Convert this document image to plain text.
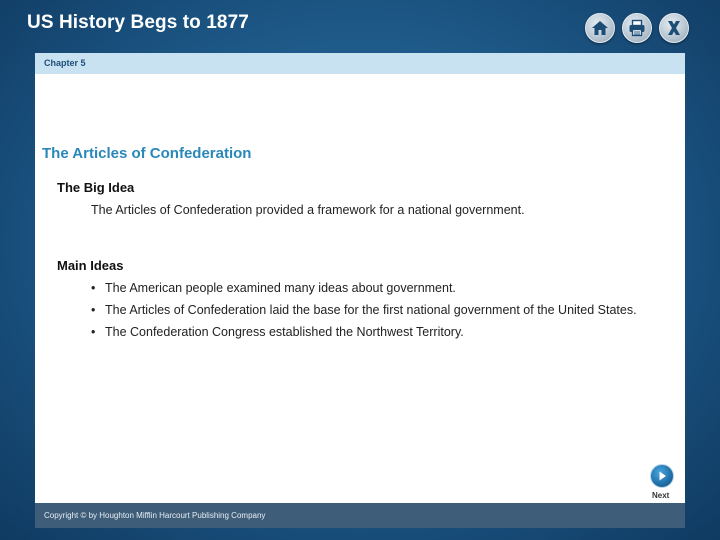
US History Begs to 1877
Chapter 5
The Articles of Confederation
The Big Idea
The Articles of Confederation provided a framework for a national government.
Main Ideas
• The American people examined many ideas about government.
• The Articles of Confederation laid the base for the first national government of the United States.
• The Confederation Congress established the Northwest Territory.
Next
Copyright © by Houghton Mifflin Harcourt Publishing Company
